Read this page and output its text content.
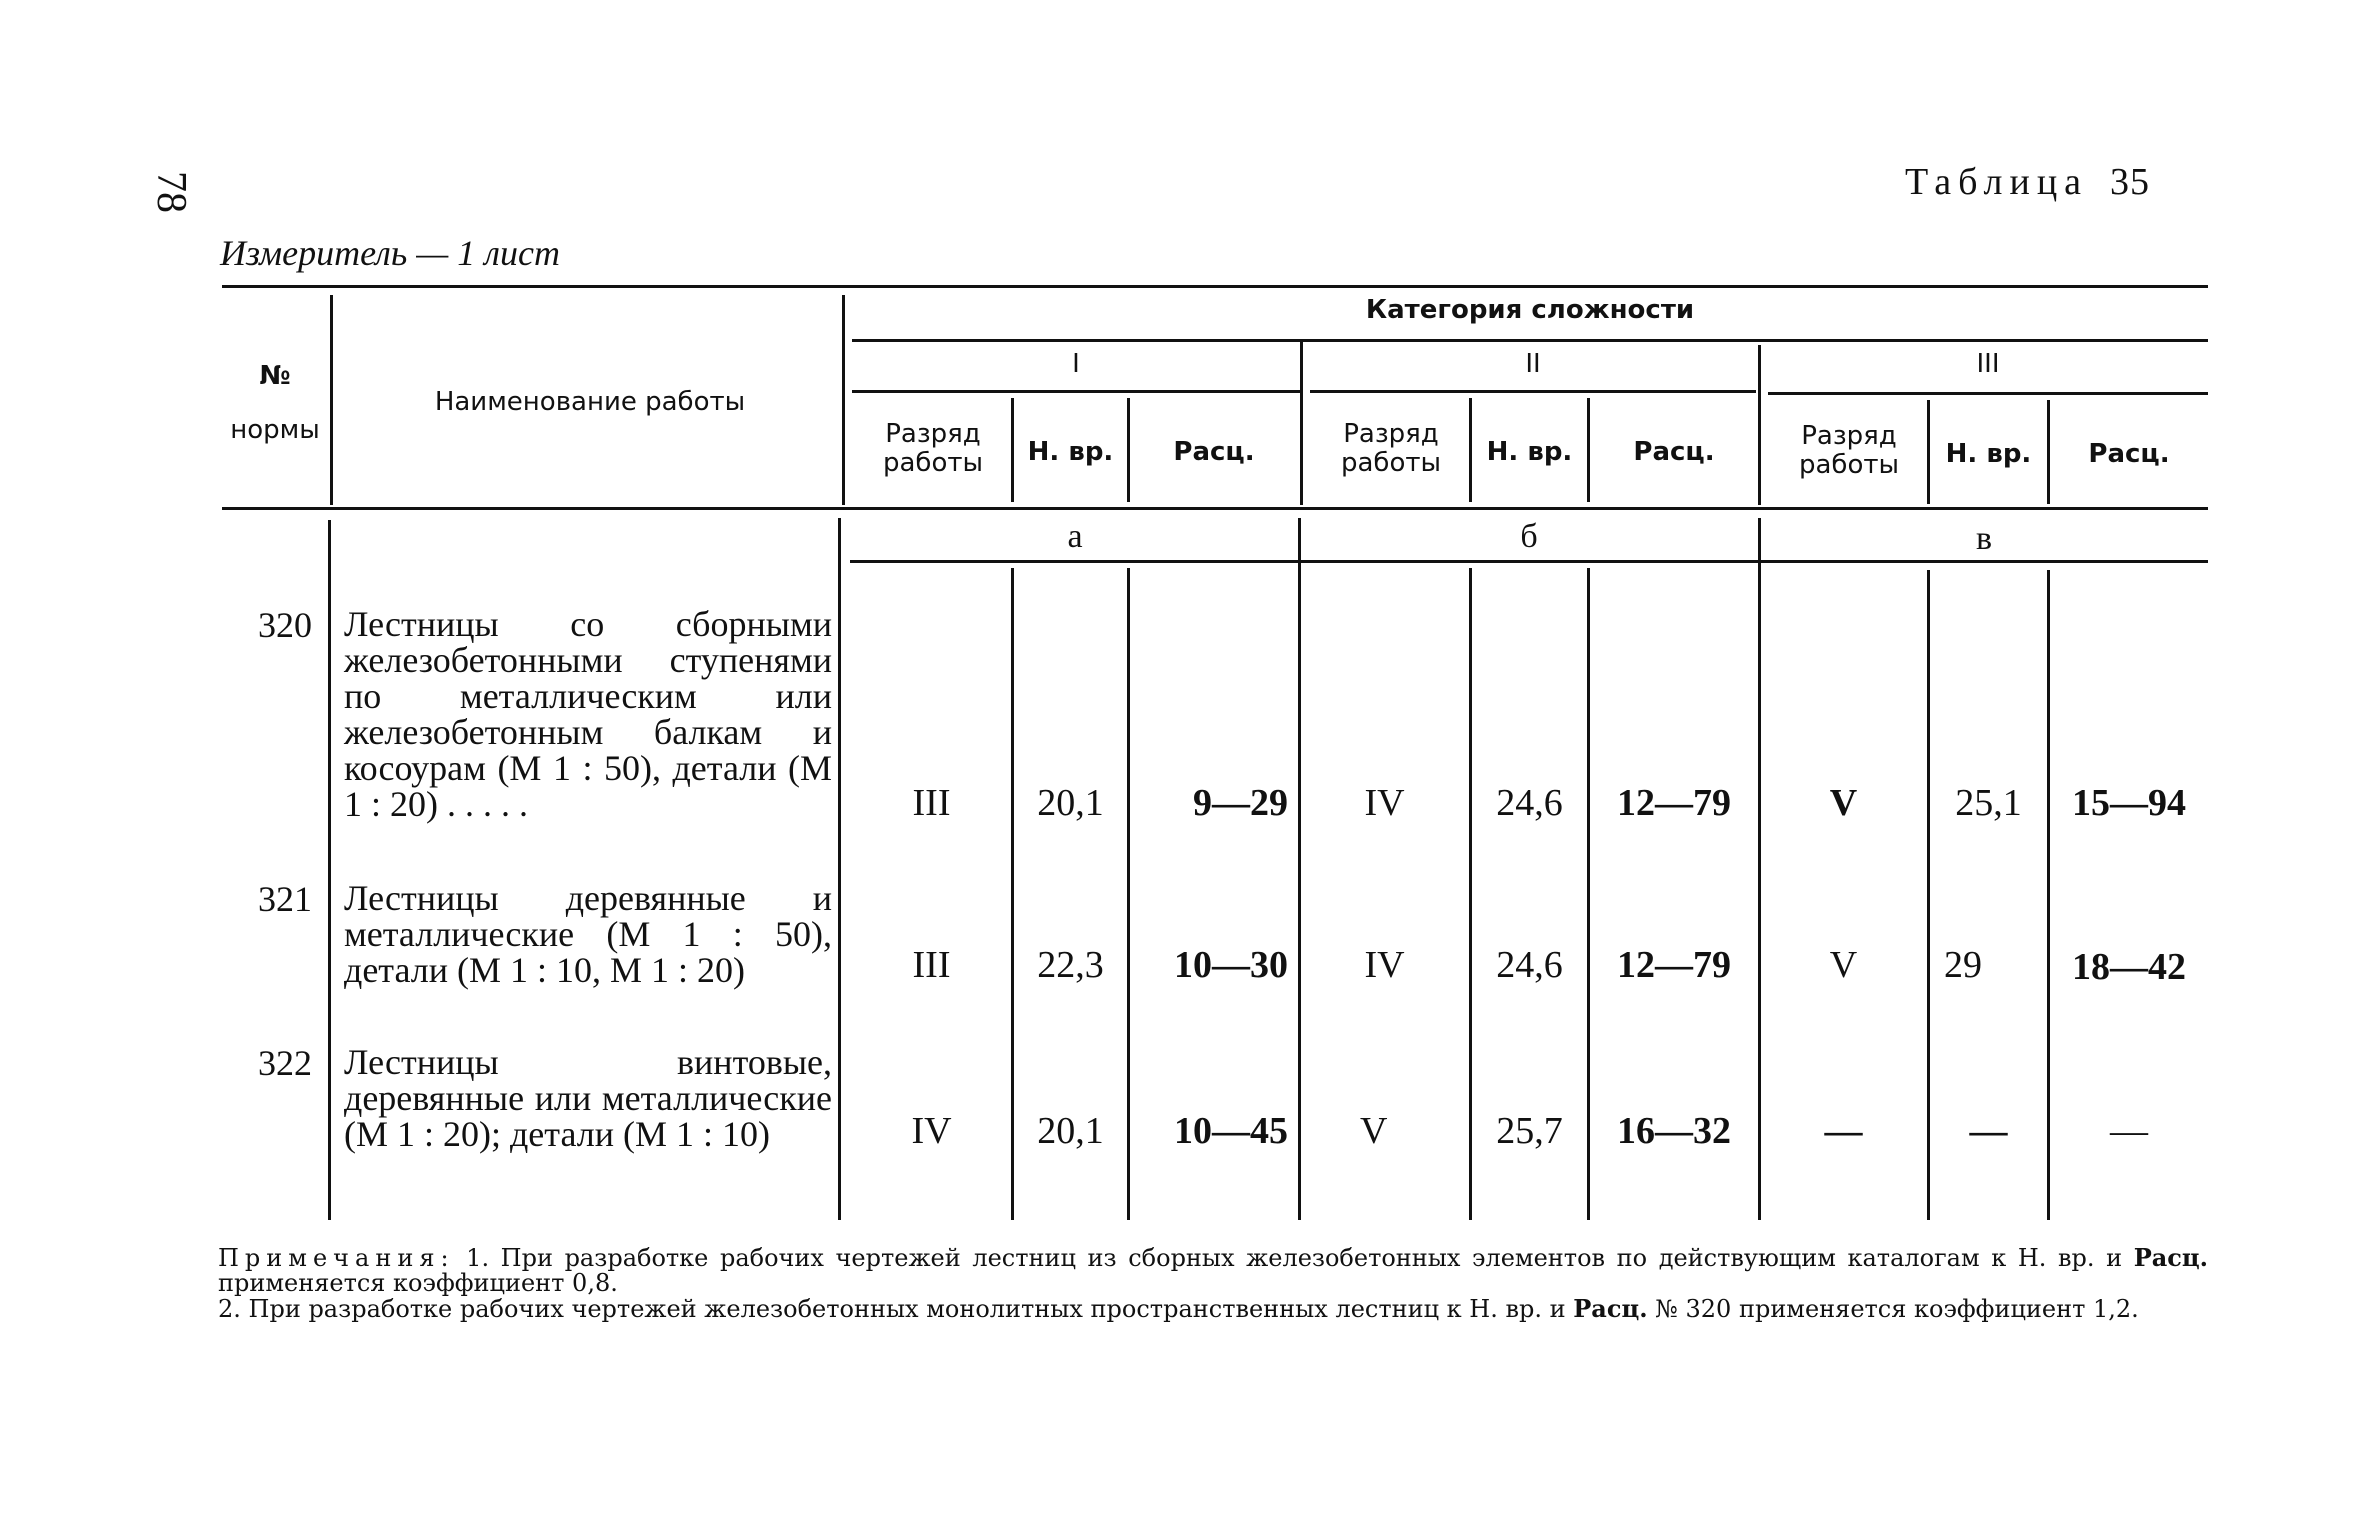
78	Таблица 35
Измеритель — 1 лист
№
нормы
Наименование работы
Категория сложности
I	II	III
Разряд работы	Н. вр.	Расц.
Разряд работы	Н. вр.	Расц.
Разряд работы	Н. вр.	Расц.
а	б	в
320 Лестницы со сборными железобетонными ступенями по металлическим или железобетонным балкам и косоурам (М 1 : 50), детали (М 1 : 20) . . . . .	III	20,1	9—29	IV	24,6	12—79	V	25,1	15—94
321 Лестницы деревянные и металлические (М 1 : 50), детали (М 1 : 10, М 1 : 20)	III	22,3	10—30	IV	24,6	12—79	V	29	18—42
322 Лестницы винтовые, деревянные или металлические (М 1 : 20); детали (М 1 : 10)	IV	20,1	10—45	V	25,7	16—32	—	—	—
Примечания: 1. При разработке рабочих чертежей лестниц из сборных железобетонных элементов по действующим каталогам к Н. вр. и Расц. применяется коэффициент 0,8.
2. При разработке рабочих чертежей железобетонных монолитных пространственных лестниц к Н. вр. и Расц. № 320 применяется коэффициент 1,2.
